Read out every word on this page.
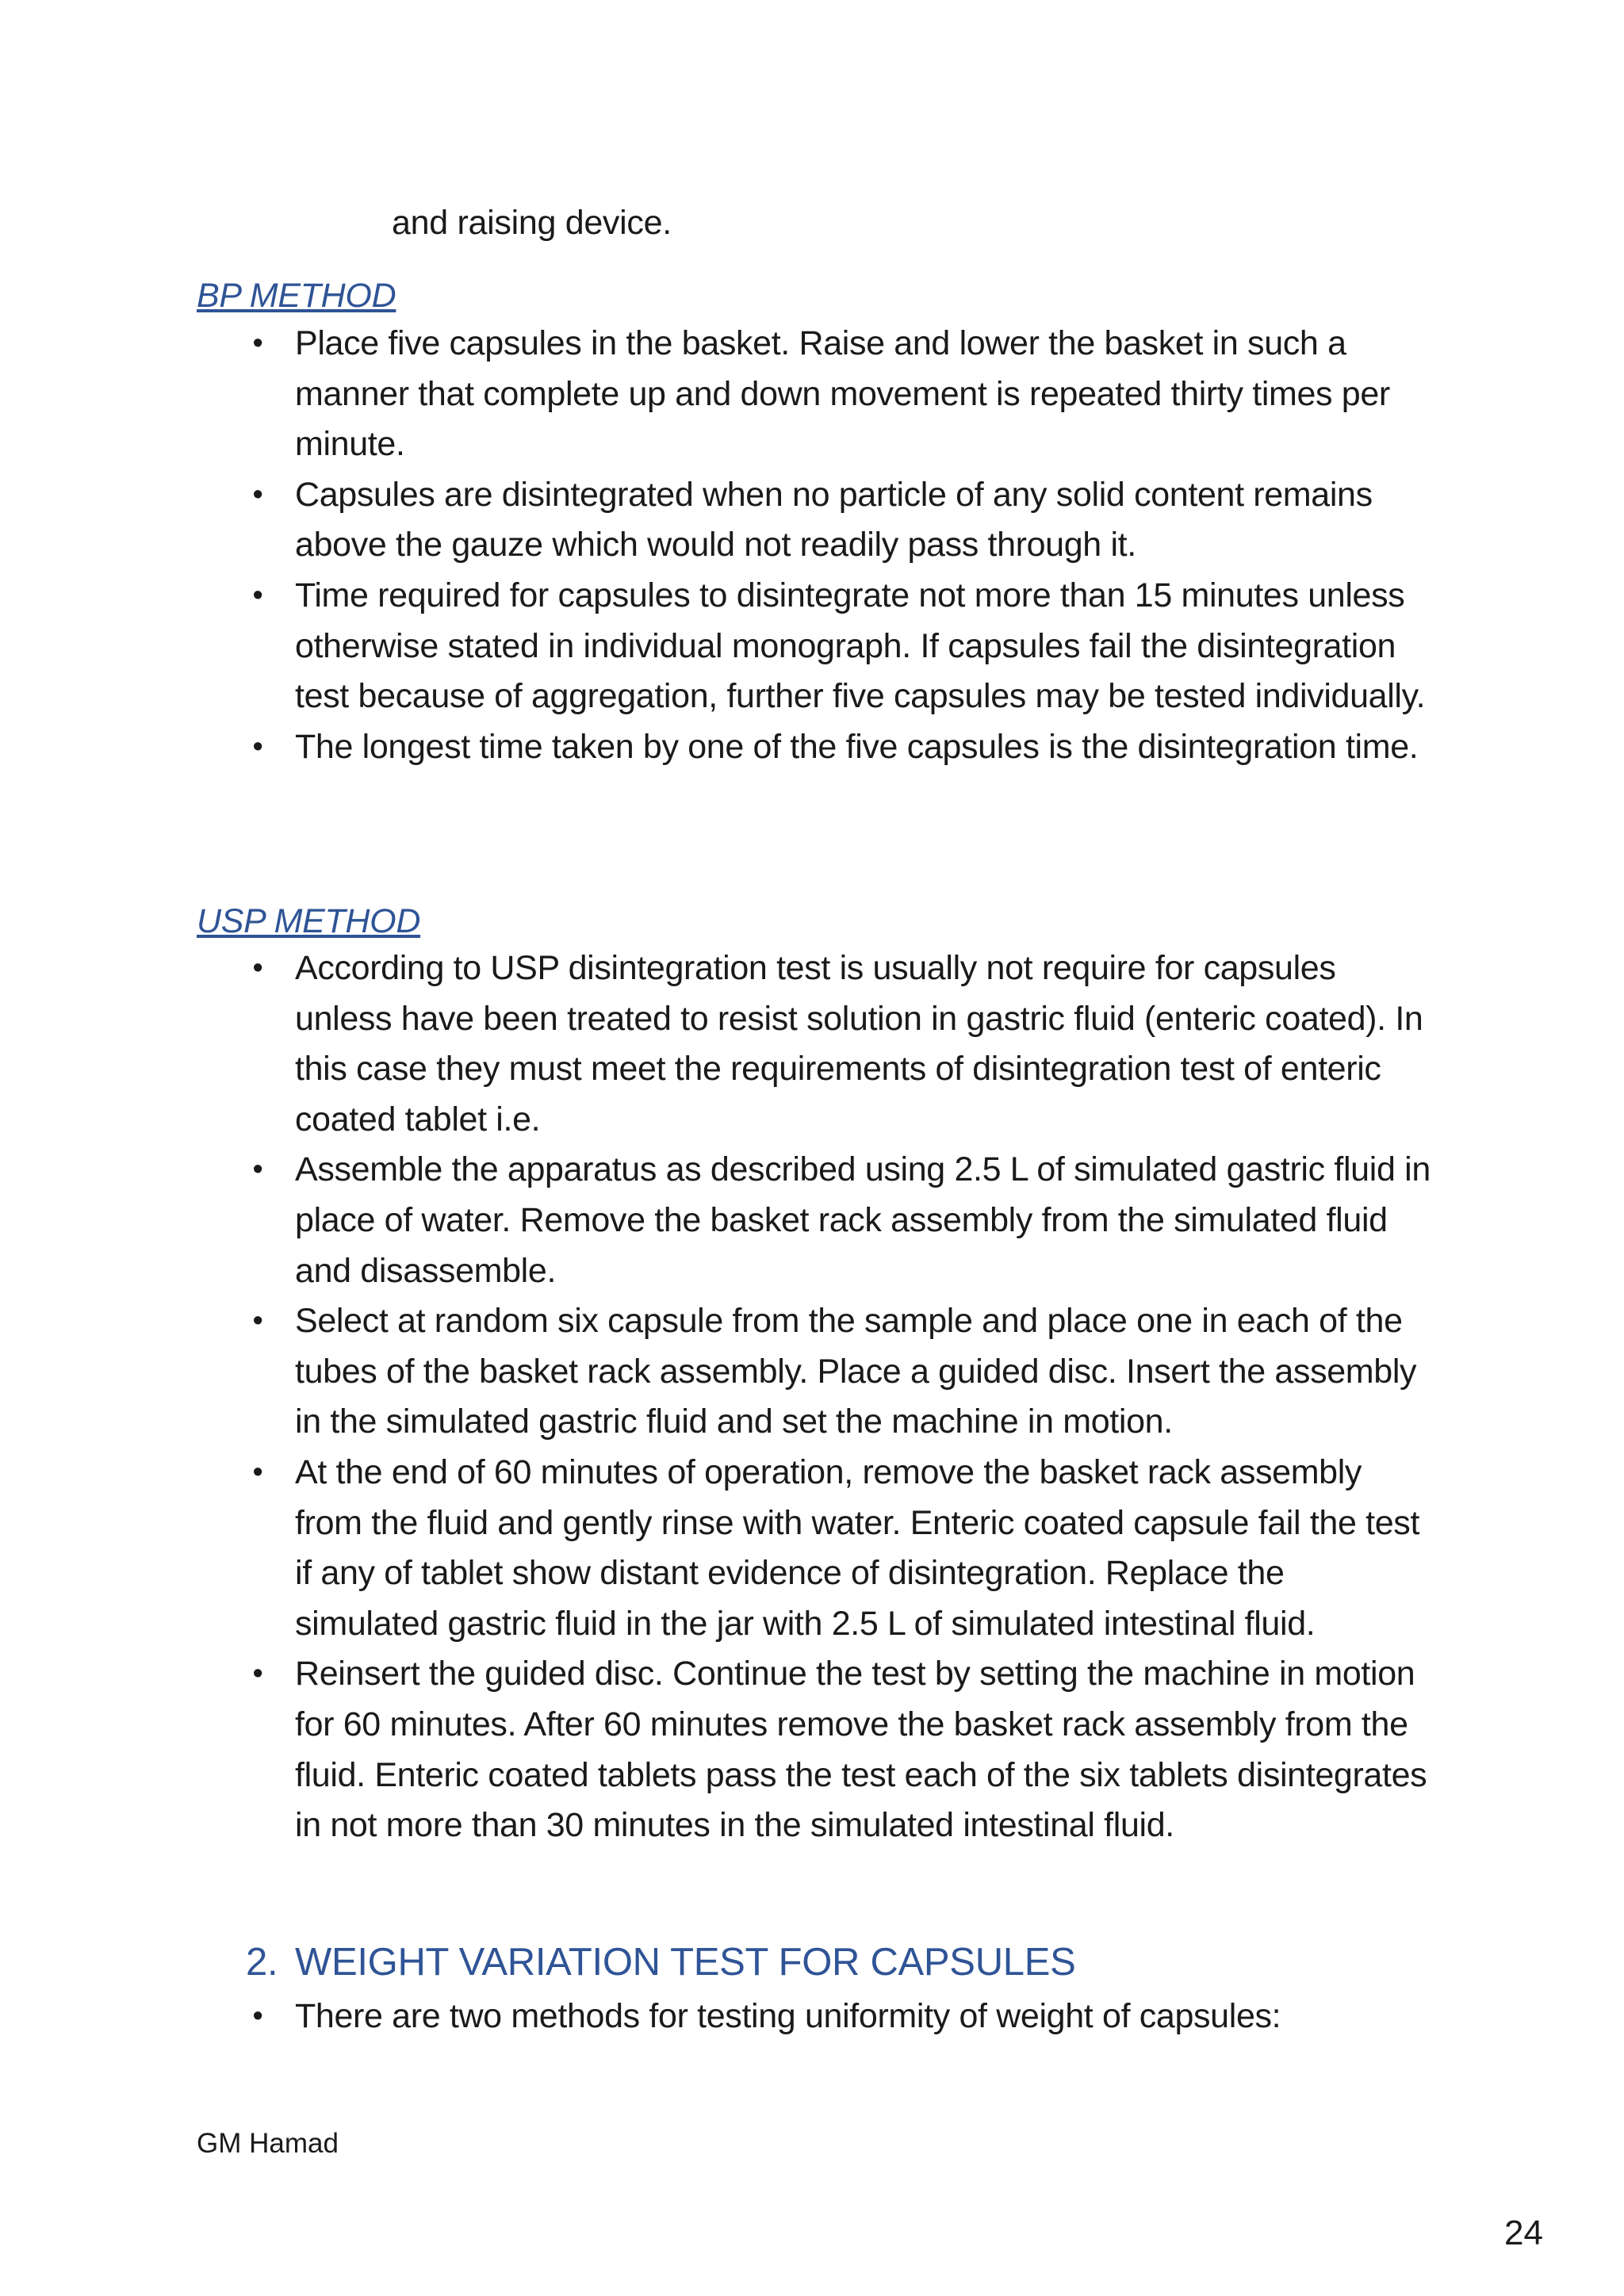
and raising device.

BP METHOD
• Place five capsules in the basket. Raise and lower the basket in such a manner that complete up and down movement is repeated thirty times per minute.
• Capsules are disintegrated when no particle of any solid content remains above the gauze which would not readily pass through it.
• Time required for capsules to disintegrate not more than 15 minutes unless otherwise stated in individual monograph. If capsules fail the disintegration test because of aggregation, further five capsules may be tested individually.
• The longest time taken by one of the five capsules is the disintegration time.
USP METHOD
• According to USP disintegration test is usually not require for capsules unless have been treated to resist solution in gastric fluid (enteric coated). In this case they must meet the requirements of disintegration test of enteric coated tablet i.e.
• Assemble the apparatus as described using 2.5 L of simulated gastric fluid in place of water. Remove the basket rack assembly from the simulated fluid and disassemble.
• Select at random six capsule from the sample and place one in each of the tubes of the basket rack assembly. Place a guided disc. Insert the assembly in the simulated gastric fluid and set the machine in motion.
• At the end of 60 minutes of operation, remove the basket rack assembly from the fluid and gently rinse with water. Enteric coated capsule fail the test if any of tablet show distant evidence of disintegration. Replace the simulated gastric fluid in the jar with 2.5 L of simulated intestinal fluid.
• Reinsert the guided disc. Continue the test by setting the machine in motion for 60 minutes. After 60 minutes remove the basket rack assembly from the fluid. Enteric coated tablets pass the test each of the six tablets disintegrates in not more than 30 minutes in the simulated intestinal fluid.
2. WEIGHT VARIATION TEST FOR CAPSULES
• There are two methods for testing uniformity of weight of capsules:

GM Hamad

24
